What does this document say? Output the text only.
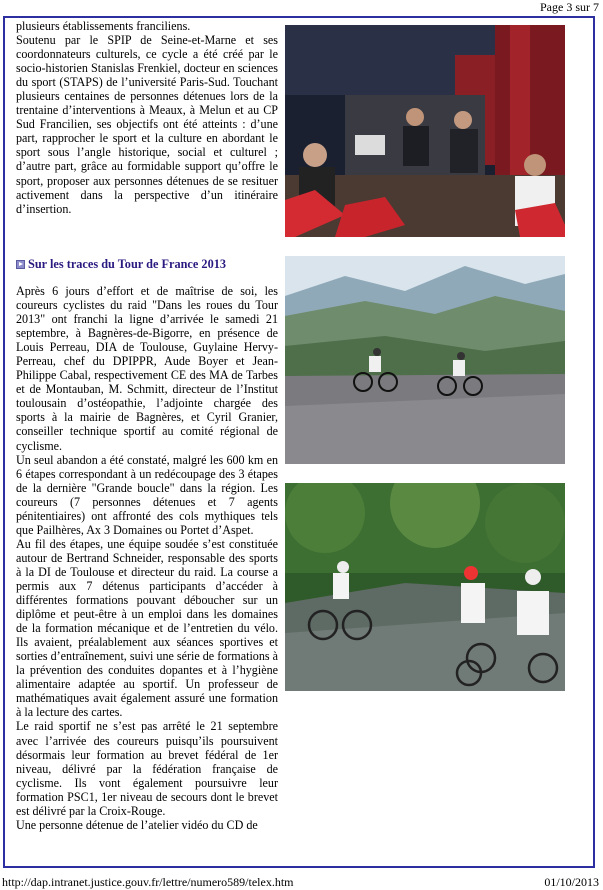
Page 3 sur 7

plusieurs établissements franciliens.

Soutenu par le SPIP de Seine-et-Marne et ses coordonnateurs culturels, ce cycle a été créé par le socio-historien Stanislas Frenkiel, docteur en sciences du sport (STAPS) de l’université Paris-Sud. Touchant plusieurs centaines de personnes détenues lors de la trentaine d’interventions à Meaux, à Melun et au CP Sud Francilien, ses objectifs ont été atteints : d’une part, rapprocher le sport et la culture en abordant le sport sous l’angle historique, social et culturel ; d’autre part, grâce au formidable support qu’offre le sport, proposer aux personnes détenues de se resituer activement dans la perspective d’un itinéraire d’insertion.

Sur les traces du Tour de France 2013

Après 6 jours d’effort et de maîtrise de soi, les coureurs cyclistes du raid "Dans les roues du Tour 2013" ont franchi la ligne d’arrivée le samedi 21 septembre, à Bagnères-de-Bigorre, en présence de Louis Perreau, DIA de Toulouse, Guylaine Hervy-Perreau, chef du DPIPPR, Aude Boyer et Jean-Philippe Cabal, respectivement CE des MA de Tarbes et de Montauban, M. Schmitt, directeur de l’Institut toulousain d’ostéopathie, l’adjointe chargée des sports à la mairie de Bagnères, et Cyril Granier, conseiller technique sportif au comité régional de cyclisme.

Un seul abandon a été constaté, malgré les 600 km en 6 étapes correspondant à un redécoupage des 3 étapes de la dernière "Grande boucle" dans la région. Les coureurs (7 personnes détenues et 7 agents pénitentiaires) ont affronté des cols mythiques tels que Pailhères, Ax 3 Domaines ou Portet d’Aspet.

Au fil des étapes, une équipe soudée s’est constituée autour de Bertrand Schneider, responsable des sports à la DI de Toulouse et directeur du raid. La course a permis aux 7 détenus participants d’accéder à différentes formations pouvant déboucher sur un diplôme et peut-être à un emploi dans les domaines de la formation mécanique et de l’entretien du vélo. Ils avaient, préalablement aux séances sportives et sorties d’entraînement, suivi une série de formations à la prévention des conduites dopantes et à l’hygiène alimentaire adaptée au sportif. Un professeur de mathématiques avait également assuré une formation à la lecture des cartes.

Le raid sportif ne s’est pas arrêté le 21 septembre avec l’arrivée des coureurs puisqu’ils poursuivent désormais leur formation au brevet fédéral de 1er niveau, délivré par la fédération française de cyclisme. Ils vont également poursuivre leur formation PSC1, 1er niveau de secours dont le brevet est délivré par la Croix-Rouge.

Une personne détenue de l’atelier vidéo du CD de

http://dap.intranet.justice.gouv.fr/lettre/numero589/telex.htm	01/10/2013
